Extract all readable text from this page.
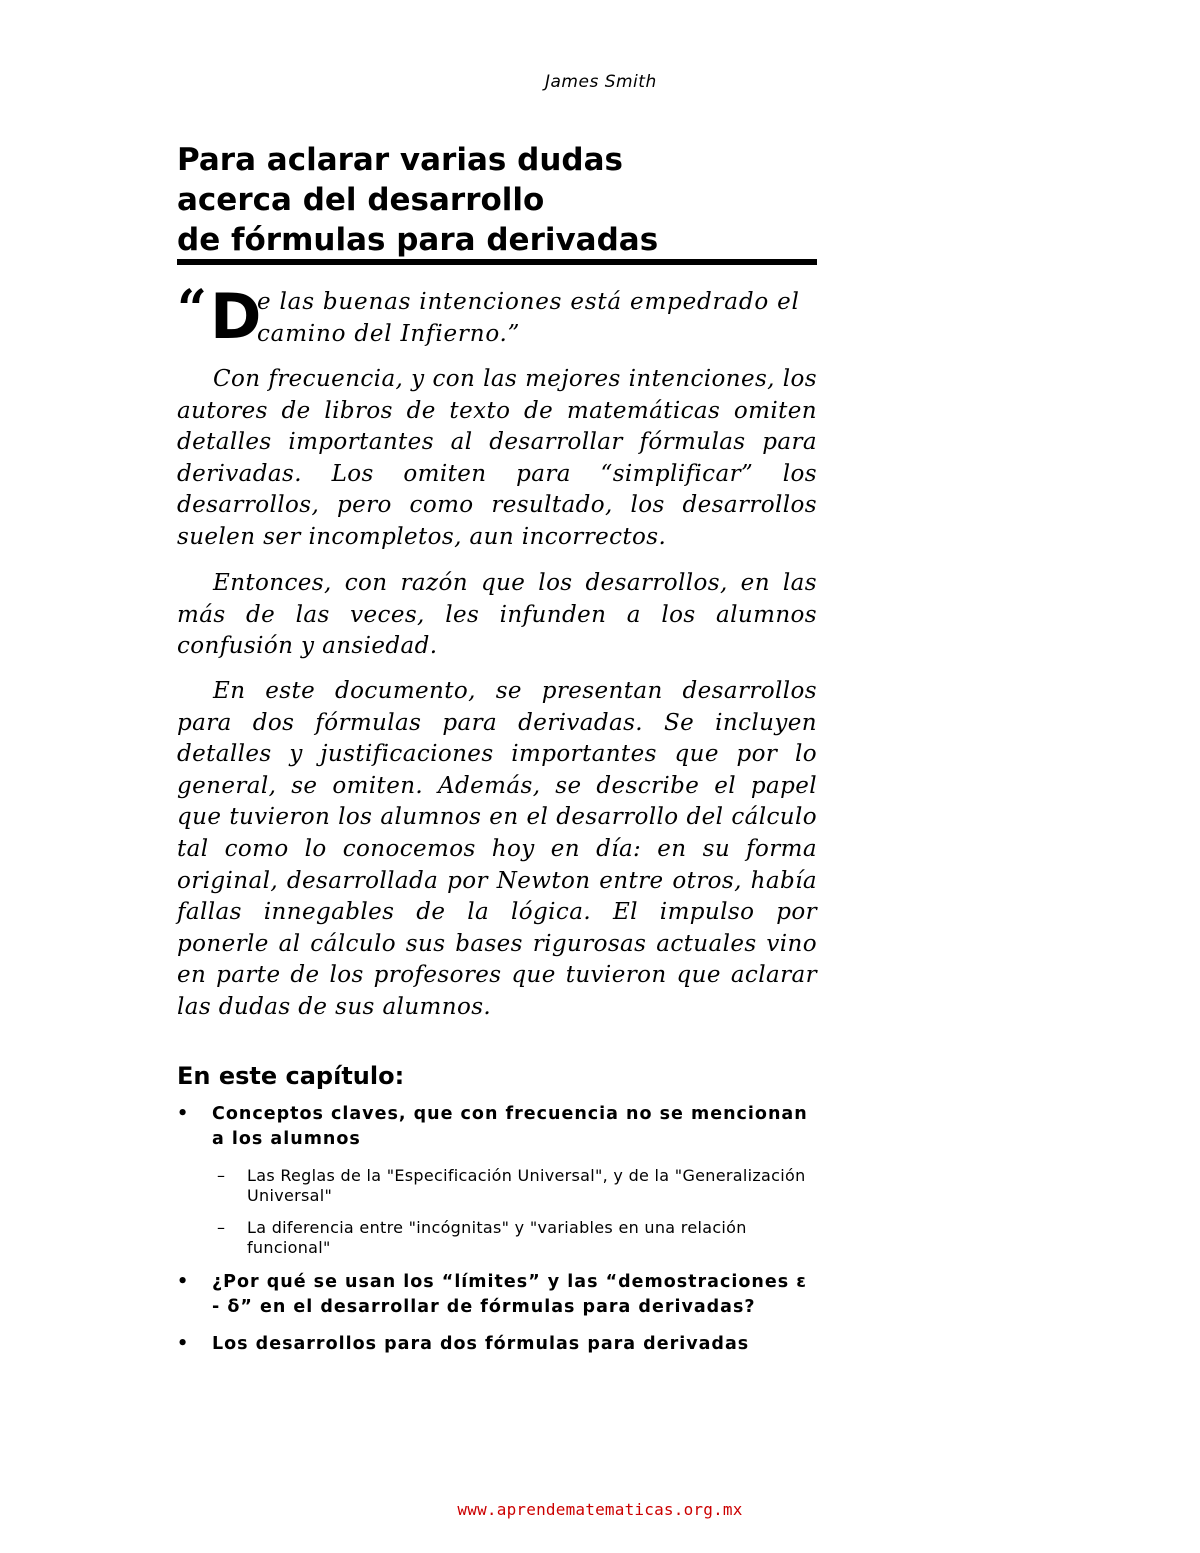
James Smith
Para aclarar varias dudas
acerca del desarrollo
de fórmulas para derivadas
“ D
e las buenas intenciones está empedrado el camino del Infierno.”

Con frecuencia, y con las mejores intenciones, los autores de libros de texto de matemáticas omiten detalles importantes al desarrollar fórmulas para derivadas. Los omiten para “simplificar” los desarrollos, pero como resultado, los desarrollos suelen ser incompletos, aun incorrectos.

Entonces, con razón que los desarrollos, en las más de las veces, les infunden a los alumnos confusión y ansiedad.

En este documento, se presentan desarrollos para dos fórmulas para derivadas. Se incluyen detalles y justificaciones importantes que por lo general, se omiten. Además, se describe el papel que tuvieron los alumnos en el desarrollo del cálculo tal como lo conocemos hoy en día: en su forma original, desarrollada por Newton entre otros, había fallas innegables de la lógica. El impulso por ponerle al cálculo sus bases rigurosas actuales vino en parte de los profesores que tuvieron que aclarar las dudas de sus alumnos.

En este capítulo:
• Conceptos claves, que con frecuencia no se mencionan a los alumnos
– Las Reglas de la "Especificación Universal", y de la "Generalización Universal"
– La diferencia entre "incógnitas" y "variables en una relación funcional"
• ¿Por qué se usan los “límites” y las “demostraciones ε - δ” en el desarrollar de fórmulas para derivadas?
• Los desarrollos para dos fórmulas para derivadas
www.aprendematematicas.org.mx
